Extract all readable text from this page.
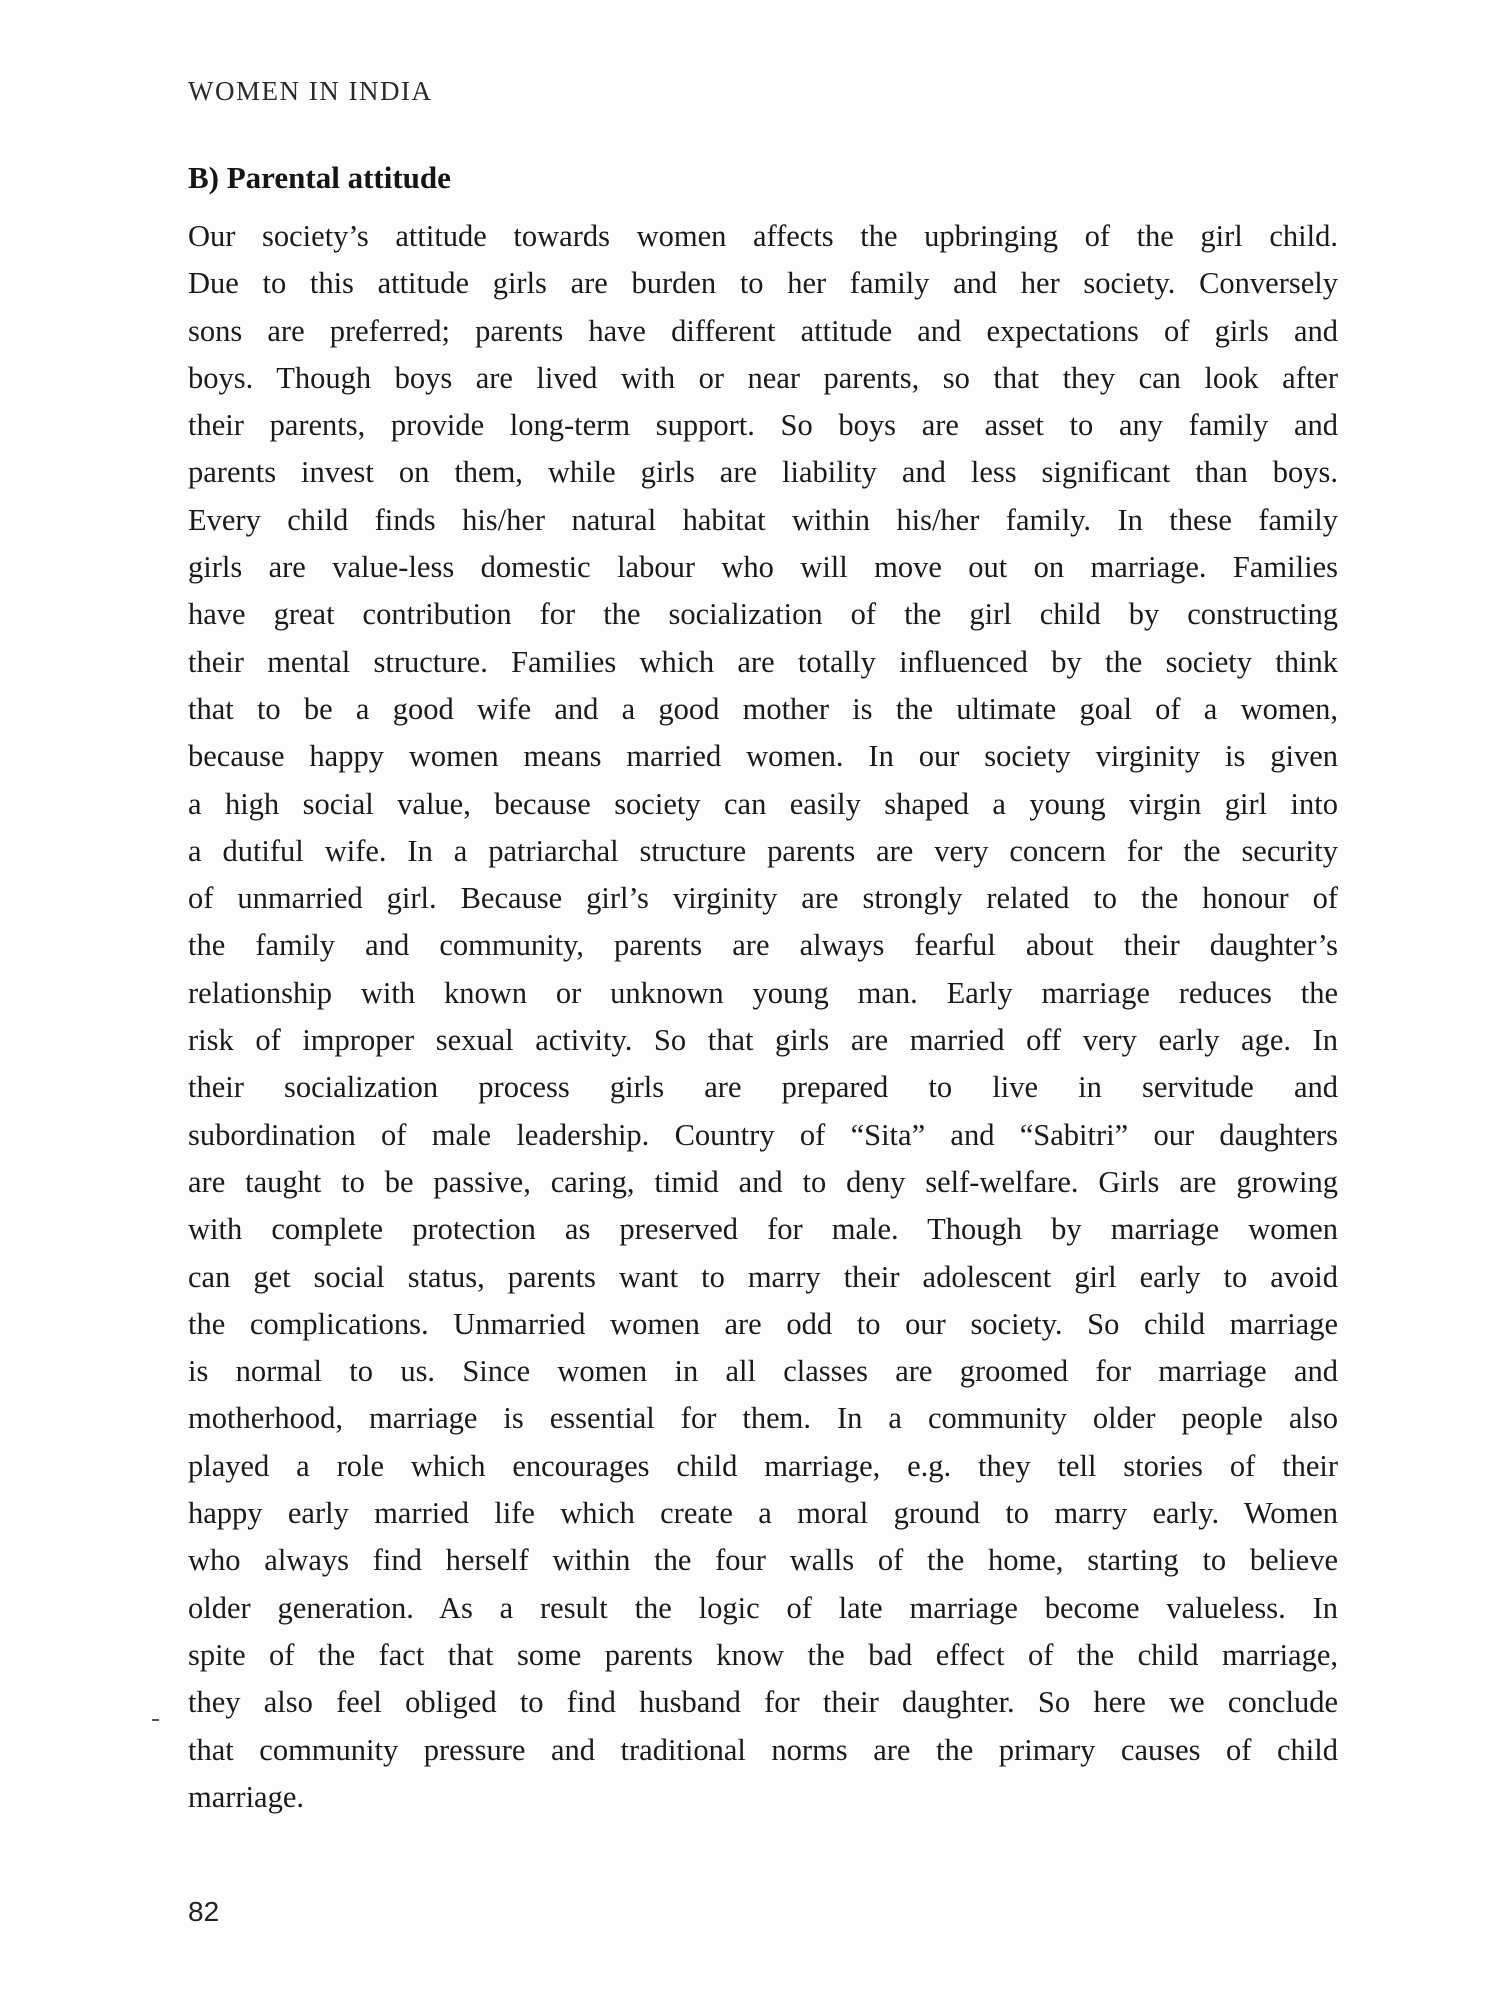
WOMEN IN INDIA
B) Parental attitude
Our society’s attitude towards women affects the upbringing of the girl child.
Due to this attitude girls are burden to her family and her society. Conversely
sons are preferred; parents have different attitude and expectations of girls and
boys. Though boys are lived with or near parents, so that they can look after
their parents, provide long-term support. So boys are asset to any family and
parents invest on them, while girls are liability and less significant than boys.
Every child finds his/her natural habitat within his/her family. In these family
girls are value-less domestic labour who will move out on marriage. Families
have great contribution for the socialization of the girl child by constructing
their mental structure. Families which are totally influenced by the society think
that to be a good wife and a good mother is the ultimate goal of a women,
because happy women means married women. In our society virginity is given
a high social value, because society can easily shaped a young virgin girl into
a dutiful wife. In a patriarchal structure parents are very concern for the security
of unmarried girl. Because girl’s virginity are strongly related to the honour of
the family and community, parents are always fearful about their daughter’s
relationship with known or unknown young man. Early marriage reduces the
risk of improper sexual activity. So that girls are married off very early age. In
their socialization process girls are prepared to live in servitude and
subordination of male leadership. Country of “Sita” and “Sabitri” our daughters
are taught to be passive, caring, timid and to deny self-welfare. Girls are growing
with complete protection as preserved for male. Though by marriage women
can get social status, parents want to marry their adolescent girl early to avoid
the complications. Unmarried women are odd to our society. So child marriage
is normal to us. Since women in all classes are groomed for marriage and
motherhood, marriage is essential for them. In a community older people also
played a role which encourages child marriage, e.g. they tell stories of their
happy early married life which create a moral ground to marry early. Women
who always find herself within the four walls of the home, starting to believe
older generation. As a result the logic of late marriage become valueless. In
spite of the fact that some parents know the bad effect of the child marriage,
they also feel obliged to find husband for their daughter. So here we conclude
that community pressure and traditional norms are the primary causes of child
marriage.
82
